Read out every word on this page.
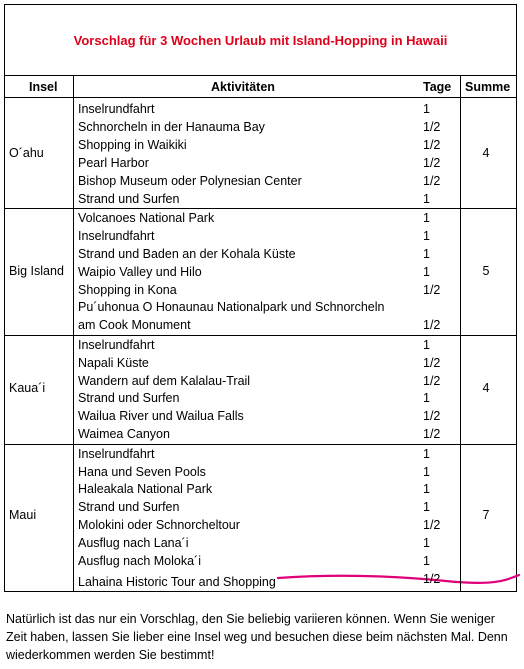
Vorschlag für 3 Wochen Urlaub mit Island-Hopping in Hawaii
Insel	Aktivitäten	Tage Summe
Inselrundfahrt	1
Schnorcheln in der Hanauma Bay	1/2
Shopping in Waikiki	1/2
Pearl Harbor	1/2
Bishop Museum oder Polynesian Center	1/2
Strand und Surfen	1
O´ahu	4
Volcanoes National Park	1
Inselrundfahrt	1
Strand und Baden an der Kohala Küste	1
Waipio Valley und Hilo	1
Shopping in Kona	1/2
Pu´uhonua O Honaunau Nationalpark und Schnorcheln
am Cook Monument	1/2
Big Island	5
Inselrundfahrt	1
Napali Küste	1/2
Wandern auf dem Kalalau-Trail	1/2
Strand und Surfen	1
Wailua River und Wailua Falls	1/2
Waimea Canyon	1/2
Kaua´i	4
Inselrundfahrt	1
Hana und Seven Pools	1
Haleakala National Park	1
Strand und Surfen	1
Molokini oder Schnorcheltour	1/2
Ausflug nach Lana´i	1
Ausflug nach Moloka´i	1
Lahaina Historic Tour and Shopping	1/2
Maui	7
Natürlich ist das nur ein Vorschlag, den Sie beliebig variieren können. Wenn Sie weniger Zeit haben, lassen Sie lieber eine Insel weg und besuchen diese beim nächsten Mal. Denn wiederkommen werden Sie bestimmt!
